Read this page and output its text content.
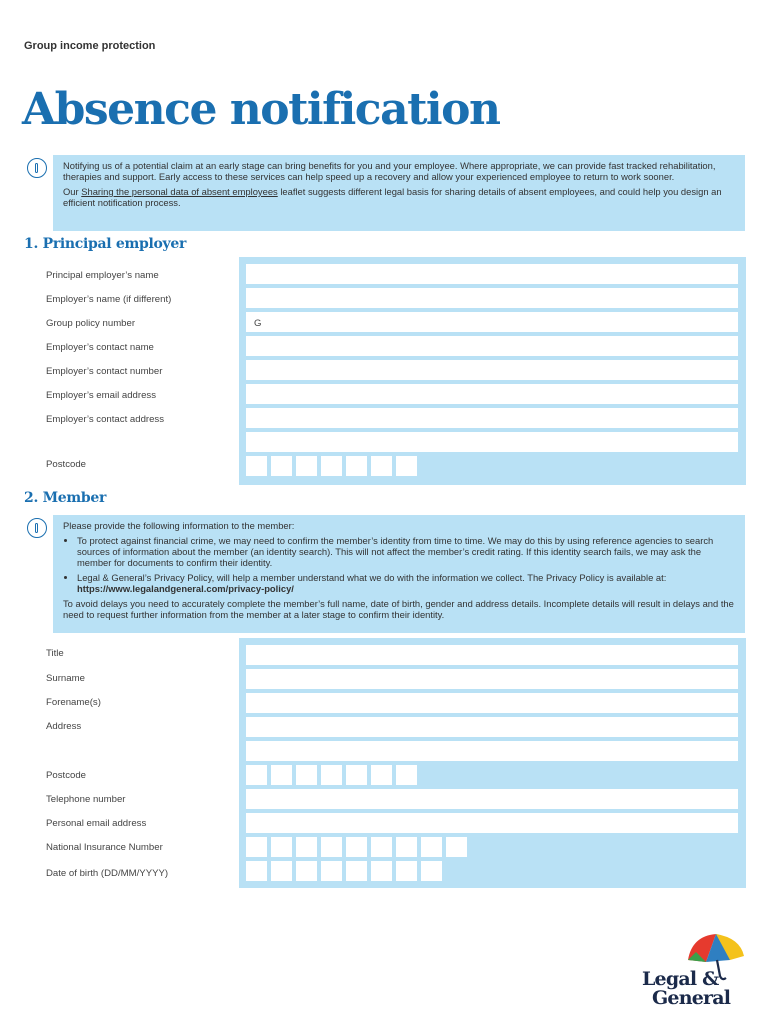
Group income protection
Absence notification

Notifying us of a potential claim at an early stage can bring benefits for you and your employee. Where appropriate, we can provide fast tracked rehabilitation, therapies and support. Early access to these services can help speed up a recovery and allow your experienced employee to return to work sooner.

Our Sharing the personal data of absent employees leaflet suggests different legal basis for sharing details of absent employees, and could help you design an efficient notification process.

1. Principal employer
Principal employer’s name
Employer’s name (if different)
Group policy number	G
Employer’s contact name
Employer’s contact number
Employer’s email address
Employer’s contact address
Postcode
2. Member

Please provide the following information to the member:

• To protect against financial crime, we may need to confirm the member’s identity from time to time. We may do this by using reference agencies to search sources of information about the member (an identity search). This will not affect the member’s credit rating. If this identity search fails, we may ask the member for documents to confirm their identity.
• Legal & General’s Privacy Policy, will help a member understand what we do with the information we collect. The Privacy Policy is available at:
https://www.legalandgeneral.com/privacy-policy/

To avoid delays you need to accurately complete the member’s full name, date of birth, gender and address details. Incomplete details will result in delays and the need to request further information from the member at a later stage to confirm their identity.

Title
Surname
Forename(s)
Address
Postcode
Telephone number
Personal email address
National Insurance Number
Date of birth (DD/MM/YYYY)
Legal &
General
